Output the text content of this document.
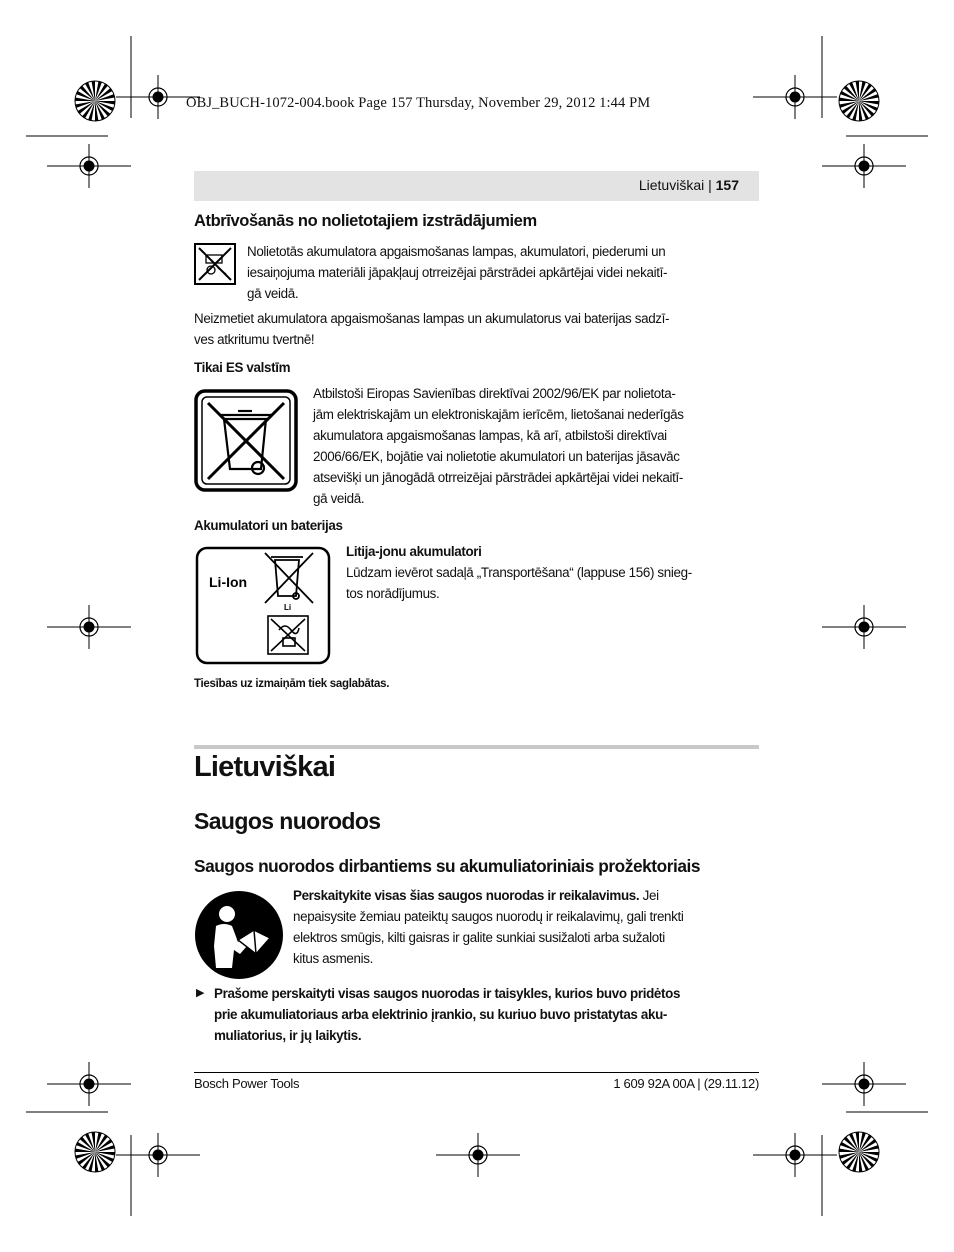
OBJ_BUCH-1072-004.book Page 157 Thursday, November 29, 2012 1:44 PM
Lietuviškai | 157
Atbrīvošanās no nolietotajiem izstrādājumiem
Nolietotās akumulatora apgaismošanas lampas, akumulatori, piederumi un
iesaiņojuma materiāli jāpakļauj otrreizējai pārstrādei apkārtējai videi nekaitī-
gā veidā.
Neizmetiet akumulatora apgaismošanas lampas un akumulatorus vai baterijas sadzī-
ves atkritumu tvertnē!
Tikai ES valstīm
Atbilstoši Eiropas Savienības direktīvai 2002/96/EK par nolietota-
jām elektriskajām un elektroniskajām ierīcēm, lietošanai nederīgās
akumulatora apgaismošanas lampas, kā arī, atbilstoši direktīvai
2006/66/EK, bojātie vai nolietotie akumulatori un baterijas jāsavāc
atsevišķi un jānogādā otrreizējai pārstrādei apkārtējai videi nekaitī-
gā veidā.
Akumulatori un baterijas
Li-Ion
Li
Litija-jonu akumulatori
Lūdzam ievērot sadaļā „Transportēšana“ (lappuse 156) snieg-
tos norādījumus.
Tiesības uz izmaiņām tiek saglabātas.
Lietuviškai
Saugos nuorodos
Saugos nuorodos dirbantiems su akumuliatoriniais prožektoriais
Perskaitykite visas šias saugos nuorodas ir reikalavimus. Jei
nepaisysite žemiau pateiktų saugos nuorodų ir reikalavimų, gali trenkti
elektros smūgis, kilti gaisras ir galite sunkiai susižaloti arba sužaloti
kitus asmenis.
▶ Prašome perskaityti visas saugos nuorodas ir taisykles, kurios buvo pridėtos
prie akumuliatoriaus arba elektrinio įrankio, su kuriuo buvo pristatytas aku-
muliatorius, ir jų laikytis.
Bosch Power Tools	1 609 92A 00A | (29.11.12)
